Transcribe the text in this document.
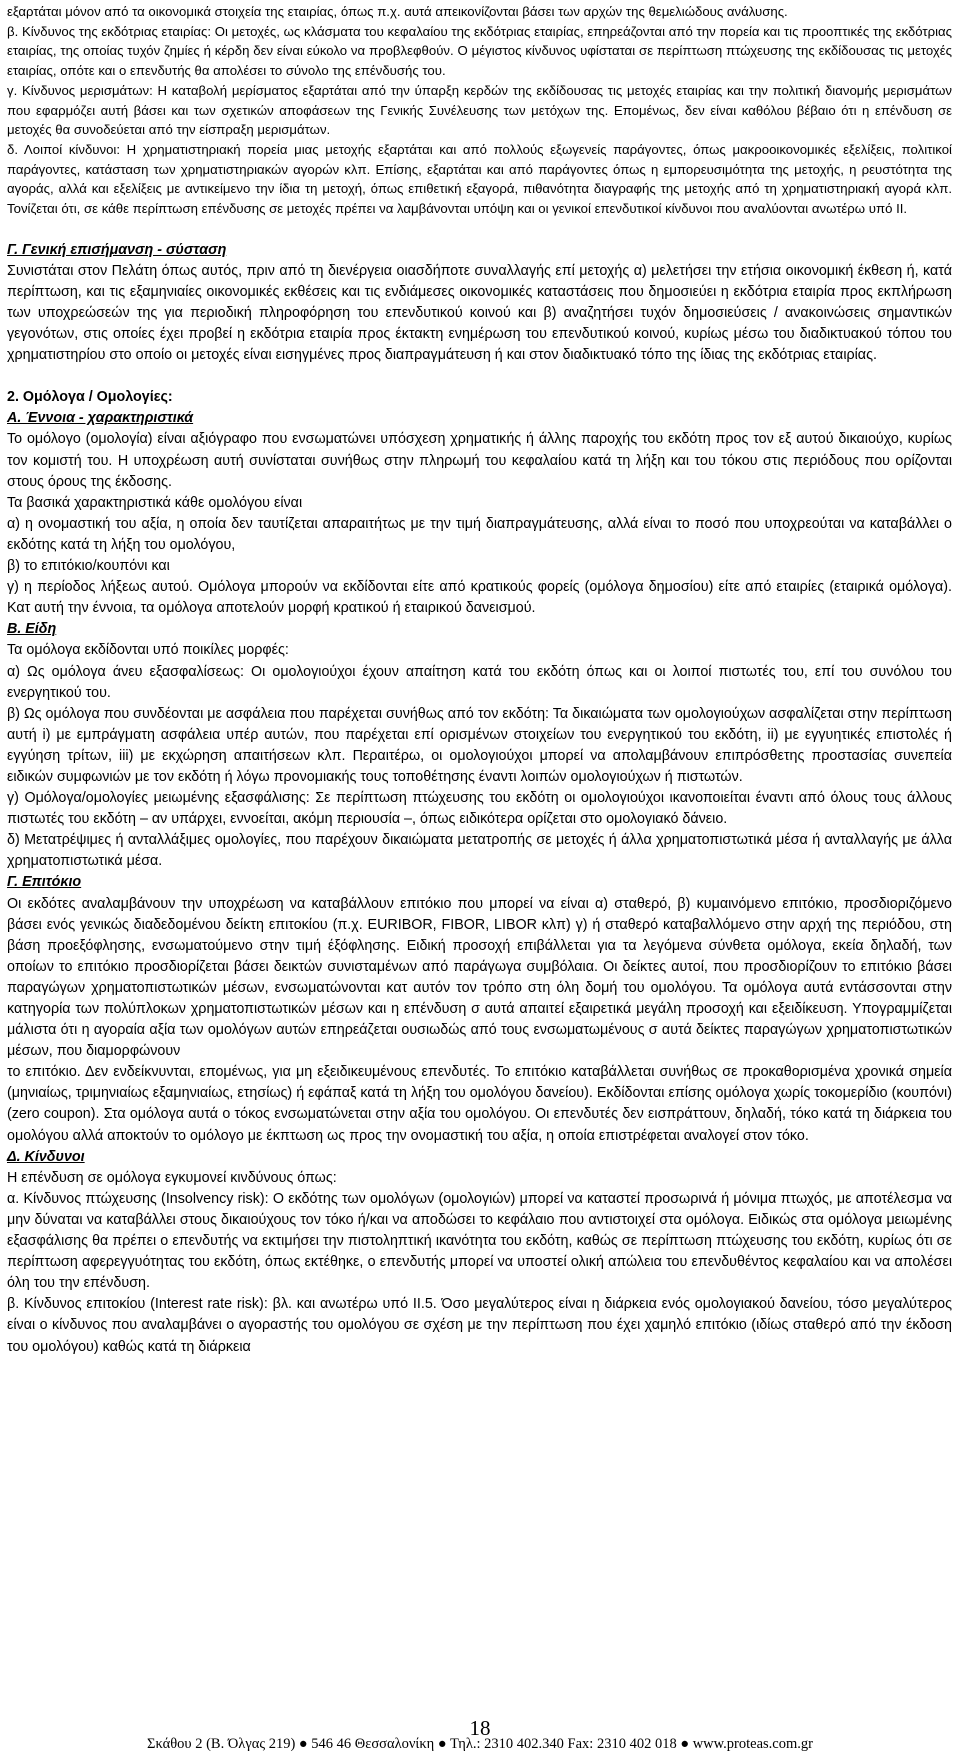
εξαρτάται μόνον από τα οικονομικά στοιχεία της εταιρίας, όπως π.χ. αυτά απεικονίζονται βάσει των αρχών της θεμελιώδους ανάλυσης.

β. Κίνδυνος της εκδότριας εταιρίας: Οι μετοχές, ως κλάσματα του κεφαλαίου της εκδότριας εταιρίας, επηρεάζονται από την πορεία και τις προοπτικές της εκδότριας εταιρίας, της οποίας τυχόν ζημίες ή κέρδη δεν είναι εύκολο να προβλεφθούν. Ο μέγιστος κίνδυνος υφίσταται σε περίπτωση πτώχευσης της εκδίδουσας τις μετοχές εταιρίας, οπότε και ο επενδυτής θα απολέσει το σύνολο της επένδυσής του.

γ. Κίνδυνος μερισμάτων: Η καταβολή μερίσματος εξαρτάται από την ύπαρξη κερδών της εκδίδουσας τις μετοχές εταιρίας και την πολιτική διανομής μερισμάτων που εφαρμόζει αυτή βάσει και των σχετικών αποφάσεων της Γενικής Συνέλευσης των μετόχων της. Επομένως, δεν είναι καθόλου βέβαιο ότι η επένδυση σε μετοχές θα συνοδεύεται από την είσπραξη μερισμάτων.

δ. Λοιποί κίνδυνοι: Η χρηματιστηριακή πορεία μιας μετοχής εξαρτάται και από πολλούς εξωγενείς παράγοντες, όπως μακροοικονομικές εξελίξεις, πολιτικοί παράγοντες, κατάσταση των χρηματιστηριακών αγορών κλπ. Επίσης, εξαρτάται και από παράγοντες όπως η εμπορευσιμότητα της μετοχής, η ρευστότητα της αγοράς, αλλά και εξελίξεις με αντικείμενο την ίδια τη μετοχή, όπως επιθετική εξαγορά, πιθανότητα διαγραφής της μετοχής από τη χρηματιστηριακή αγορά κλπ. Τονίζεται ότι, σε κάθε περίπτωση επένδυσης σε μετοχές πρέπει να λαμβάνονται υπόψη και οι γενικοί επενδυτικοί κίνδυνοι που αναλύονται ανωτέρω υπό ΙΙ.

Γ. Γενική επισήμανση - σύσταση

Συνιστάται στον Πελάτη όπως αυτός, πριν από τη διενέργεια οιασδήποτε συναλλαγής επί μετοχής α) μελετήσει την ετήσια οικονομική έκθεση ή, κατά περίπτωση, και τις εξαμηνιαίες οικονομικές εκθέσεις και τις ενδιάμεσες οικονομικές καταστάσεις που δημοσιεύει η εκδότρια εταιρία προς εκπλήρωση των υποχρεώσεών της για περιοδική πληροφόρηση του επενδυτικού κοινού και β) αναζητήσει τυχόν δημοσιεύσεις / ανακοινώσεις σημαντικών γεγονότων, στις οποίες έχει προβεί η εκδότρια εταιρία προς έκτακτη ενημέρωση του επενδυτικού κοινού, κυρίως μέσω του διαδικτυακού τόπου του χρηματιστηρίου στο οποίο οι μετοχές είναι εισηγμένες προς διαπραγμάτευση ή και στον διαδικτυακό τόπο της ίδιας της εκδότριας εταιρίας.

2. Ομόλογα / Ομολογίες:

Α. Έννοια - χαρακτηριστικά

Το ομόλογο (ομολογία) είναι αξιόγραφο που ενσωματώνει υπόσχεση χρηματικής ή άλλης παροχής του εκδότη προς τον εξ αυτού δικαιούχο, κυρίως τον κομιστή του. Η υποχρέωση αυτή συνίσταται συνήθως στην πληρωμή του κεφαλαίου κατά τη λήξη και του τόκου στις περιόδους που ορίζονται στους όρους της έκδοσης.

Τα βασικά χαρακτηριστικά κάθε ομολόγου είναι

α) η ονομαστική του αξία, η οποία δεν ταυτίζεται απαραιτήτως με την τιμή διαπραγμάτευσης, αλλά είναι το ποσό που υποχρεούται να καταβάλλει ο εκδότης κατά τη λήξη του ομολόγου,

β) το επιτόκιο/κουπόνι και

γ) η περίοδος λήξεως αυτού. Ομόλογα μπορούν να εκδίδονται είτε από κρατικούς φορείς (ομόλογα δημοσίου) είτε από εταιρίες (εταιρικά ομόλογα). Κατ αυτή την έννοια, τα ομόλογα αποτελούν μορφή κρατικού ή εταιρικού δανεισμού.

Β. Είδη

Τα ομόλογα εκδίδονται υπό ποικίλες μορφές:

α) Ως ομόλογα άνευ εξασφαλίσεως: Οι ομολογιούχοι έχουν απαίτηση κατά του εκδότη όπως και οι λοιποί πιστωτές του, επί του συνόλου του ενεργητικού του.

β) Ως ομόλογα που συνδέονται με ασφάλεια που παρέχεται συνήθως από τον εκδότη: Τα δικαιώματα των ομολογιούχων ασφαλίζεται στην περίπτωση αυτή i) με εμπράγματη ασφάλεια υπέρ αυτών, που παρέχεται επί ορισμένων στοιχείων του ενεργητικού του εκδότη, ii) με εγγυητικές επιστολές ή εγγύηση τρίτων, iii) με εκχώρηση απαιτήσεων κλπ. Περαιτέρω, οι ομολογιούχοι μπορεί να απολαμβάνουν επιπρόσθετης προστασίας συνεπεία ειδικών συμφωνιών με τον εκδότη ή λόγω προνομιακής τους τοποθέτησης έναντι λοιπών ομολογιούχων ή πιστωτών.

γ) Ομόλογα/ομολογίες μειωμένης εξασφάλισης: Σε περίπτωση πτώχευσης του εκδότη οι ομολογιούχοι ικανοποιείται έναντι από όλους τους άλλους πιστωτές του εκδότη – αν υπάρχει, εννοείται, ακόμη περιουσία –, όπως ειδικότερα ορίζεται στο ομολογιακό δάνειο.

δ) Μετατρέψιμες ή ανταλλάξιμες ομολογίες, που παρέχουν δικαιώματα μετατροπής σε μετοχές ή άλλα χρηματοπιστωτικά μέσα ή ανταλλαγής με άλλα χρηματοπιστωτικά μέσα.

Γ. Επιτόκιο

Οι εκδότες αναλαμβάνουν την υποχρέωση να καταβάλλουν επιτόκιο που μπορεί να είναι α) σταθερό, β) κυμαινόμενο επιτόκιο, προσδιοριζόμενο βάσει ενός γενικώς διαδεδομένου δείκτη επιτοκίου (π.χ. EURIBOR, FIBOR, LIBOR κλπ) γ) ή σταθερό καταβαλλόμενο στην αρχή της περιόδου, στη βάση προεξόφλησης, ενσωματούμενο στην τιμή έξόφλησης. Ειδική προσοχή επιβάλλεται για τα λεγόμενα σύνθετα ομόλογα, εκεία δηλαδή, των οποίων το επιτόκιο προσδιορίζεται βάσει δεικτών συνισταμένων από παράγωγα συμβόλαια. Οι δείκτες αυτοί, που προσδιορίζουν το επιτόκιο βάσει παραγώγων χρηματοπιστωτικών μέσων, ενσωματώνονται κατ αυτόν τον τρόπο στη όλη δομή του ομολόγου. Τα ομόλογα αυτά εντάσσονται στην κατηγορία των πολύπλοκων χρηματοπιστωτικών μέσων και η επένδυση σ αυτά απαιτεί εξαιρετικά μεγάλη προσοχή και εξειδίκευση. Υπογραμμίζεται μάλιστα ότι η αγοραία αξία των ομολόγων αυτών επηρεάζεται ουσιωδώς από τους ενσωματωμένους σ αυτά δείκτες παραγώγων χρηματοπιστωτικών μέσων, που διαμορφώνουν

το επιτόκιο. Δεν ενδείκνυνται, επομένως, για μη εξειδικευμένους επενδυτές. Το επιτόκιο καταβάλλεται συνήθως σε προκαθορισμένα χρονικά σημεία (μηνιαίως, τριμηνιαίως εξαμηνιαίως, ετησίως) ή εφάπαξ κατά τη λήξη του ομολόγου δανείου). Εκδίδονται επίσης ομόλογα χωρίς τοκομερίδιο (κουπόνι) (zero coupon). Στα ομόλογα αυτά ο τόκος ενσωματώνεται στην αξία του ομολόγου. Οι επενδυτές δεν εισπράττουν, δηλαδή, τόκο κατά τη διάρκεια του ομολόγου αλλά αποκτούν το ομόλογο με έκπτωση ως προς την ονομαστική του αξία, η οποία επιστρέφεται αναλογεί στον τόκο.

Δ. Κίνδυνοι

Η επένδυση σε ομόλογα εγκυμονεί κινδύνους όπως:

α. Κίνδυνος πτώχευσης (Insolvency risk): Ο εκδότης των ομολόγων (ομολογιών) μπορεί να καταστεί προσωρινά ή μόνιμα πτωχός, με αποτέλεσμα να μην δύναται να καταβάλλει στους δικαιούχους τον τόκο ή/και να αποδώσει το κεφάλαιο που αντιστοιχεί στα ομόλογα. Ειδικώς στα ομόλογα μειωμένης εξασφάλισης θα πρέπει ο επενδυτής να εκτιμήσει την πιστοληπτική ικανότητα του εκδότη, καθώς σε περίπτωση πτώχευσης του εκδότη, κυρίως ότι σε περίπτωση αφερεγγυότητας του εκδότη, όπως εκτέθηκε, ο επενδυτής μπορεί να υποστεί ολική απώλεια του επενδυθέντος κεφαλαίου και να απολέσει όλη του την επένδυση.

β. Κίνδυνος επιτοκίου (Interest rate risk): βλ. και ανωτέρω υπό ΙΙ.5. Όσο μεγαλύτερος είναι η διάρκεια ενός ομολογιακού δανείου, τόσο μεγαλύτερος είναι ο κίνδυνος που αναλαμβάνει ο αγοραστής του ομολόγου σε σχέση με την περίπτωση που έχει χαμηλό επιτόκιο (ιδίως σταθερό από την έκδοση του ομολόγου) καθώς κατά τη διάρκεια

18
Σκάθου 2 (Β. Όλγας 219) ● 546 46 Θεσσαλονίκη ● Τηλ.: 2310 402.340 Fax: 2310 402 018 ● www.proteas.com.gr
